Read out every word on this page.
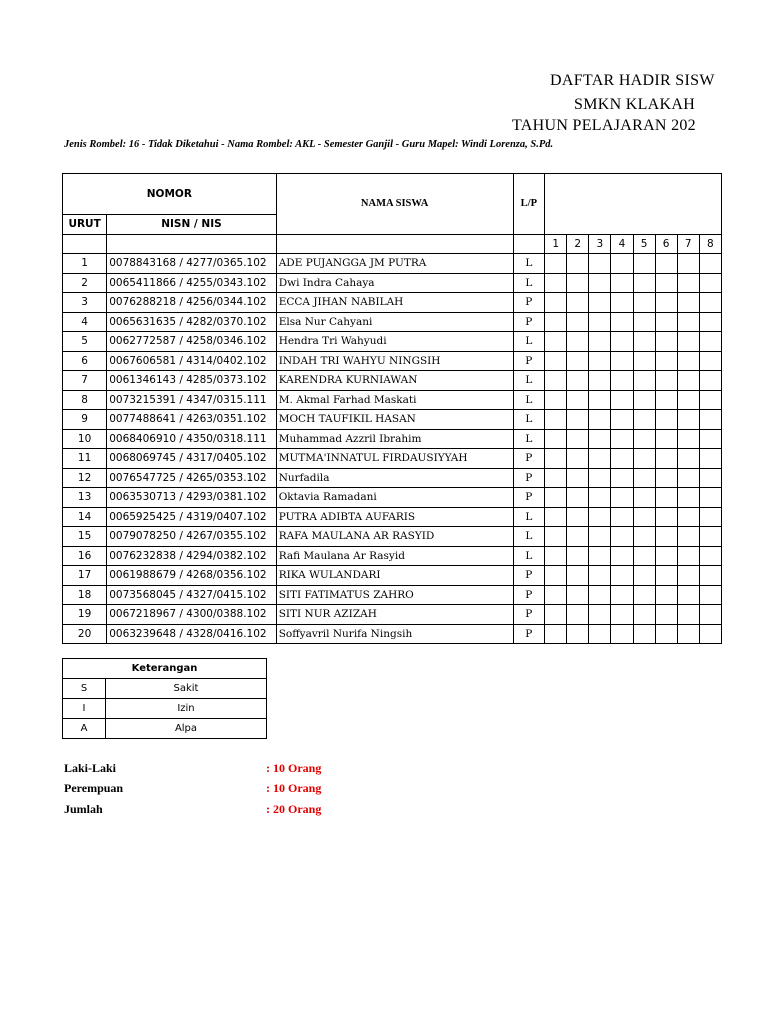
DAFTAR HADIR SISW
SMKN KLAKAH
TAHUN PELAJARAN 202
Jenis Rombel: 16 - Tidak Diketahui - Nama Rombel: AKL - Semester Ganjil - Guru Mapel: Windi Lorenza, S.Pd.
NOMOR		NAMA SISWA	L/P								
URUT	NISN / NIS										
				1	2	3	4	5	6	7	8
1	0078843168 / 4277/0365.102	ADE PUJANGGA JM PUTRA	L								
2	0065411866 / 4255/0343.102	Dwi Indra Cahaya	L								
3	0076288218 / 4256/0344.102	ECCA JIHAN NABILAH	P								
4	0065631635 / 4282/0370.102	Elsa Nur Cahyani	P								
5	0062772587 / 4258/0346.102	Hendra Tri Wahyudi	L								
6	0067606581 / 4314/0402.102	INDAH TRI WAHYU NINGSIH	P								
7	0061346143 / 4285/0373.102	KARENDRA KURNIAWAN	L								
8	0073215391 / 4347/0315.111	M. Akmal Farhad Maskati	L								
9	0077488641 / 4263/0351.102	MOCH TAUFIKIL HASAN	L								
10	0068406910 / 4350/0318.111	Muhammad Azzril Ibrahim	L								
11	0068069745 / 4317/0405.102	MUTMA'INNATUL FIRDAUSIYYAH	P								
12	0076547725 / 4265/0353.102	Nurfadila	P								
13	0063530713 / 4293/0381.102	Oktavia Ramadani	P								
14	0065925425 / 4319/0407.102	PUTRA ADIBTA AUFARIS	L								
15	0079078250 / 4267/0355.102	RAFA MAULANA AR RASYID	L								
16	0076232838 / 4294/0382.102	Rafi Maulana Ar Rasyid	L								
17	0061988679 / 4268/0356.102	RIKA WULANDARI	P								
18	0073568045 / 4327/0415.102	SITI FATIMATUS ZAHRO	P								
19	0067218967 / 4300/0388.102	SITI NUR AZIZAH	P								
20	0063239648 / 4328/0416.102	Soffyavril Nurifa Ningsih	P								
Keterangan	
S	Sakit
I	Izin
A	Alpa
Laki-Laki	: 10 Orang
Perempuan	: 10 Orang
Jumlah	: 20 Orang
